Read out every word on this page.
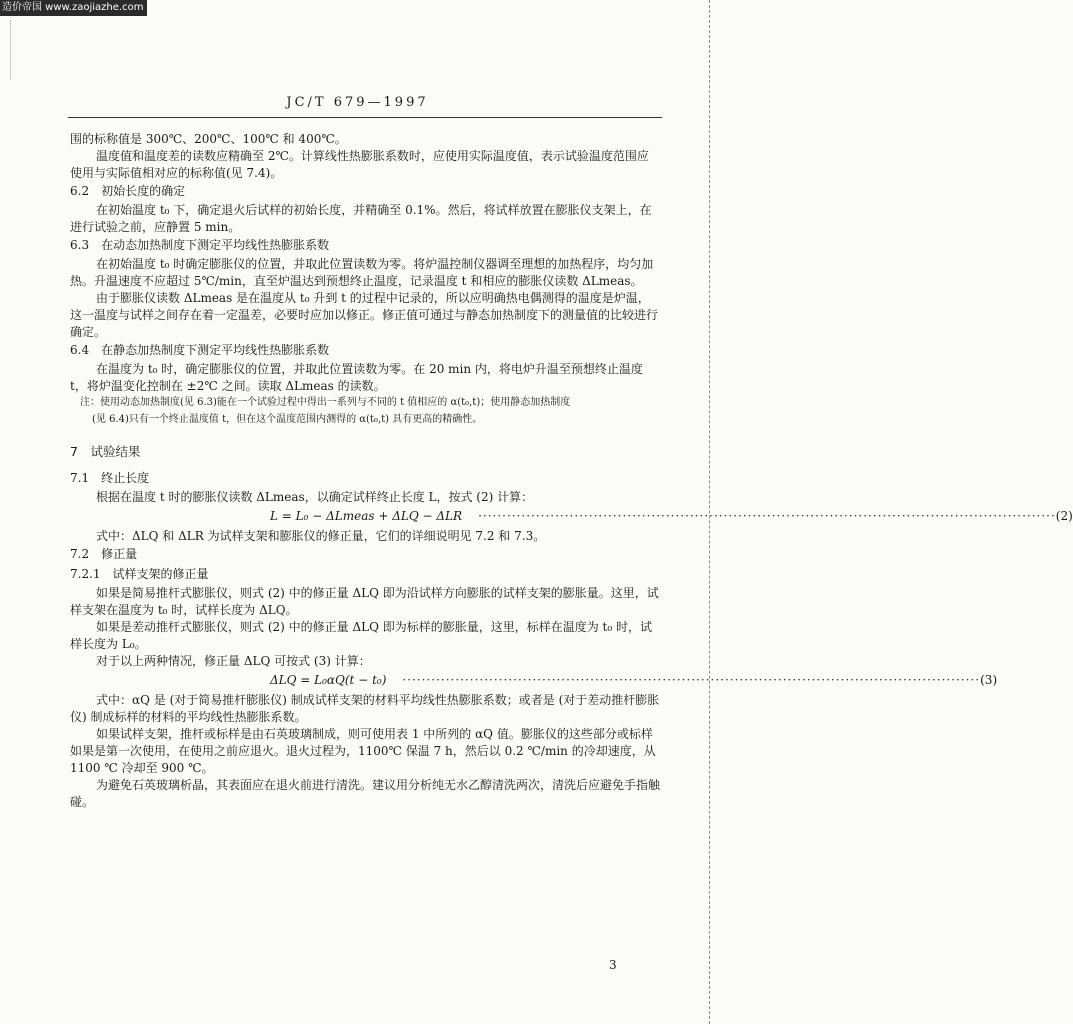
造价帝国 www.zaojiazhe.com
JC/T 679—1997
围的标称值是 300℃、200℃、100℃ 和 400℃。
温度值和温度差的读数应精确至 2℃。计算线性热膨胀系数时，应使用实际温度值，表示试验温度范围应使用与实际值相对应的标称值(见 7.4)。
6.2　初始长度的确定
在初始温度 t₀ 下，确定退火后试样的初始长度，并精确至 0.1%。然后，将试样放置在膨胀仪支架上，在进行试验之前，应静置 5 min。
6.3　在动态加热制度下测定平均线性热膨胀系数
在初始温度 t₀ 时确定膨胀仪的位置，并取此位置读数为零。将炉温控制仪器调至理想的加热程序，均匀加热。升温速度不应超过 5℃/min，直至炉温达到预想终止温度，记录温度 t 和相应的膨胀仪读数 ΔLmeas。
由于膨胀仪读数 ΔLmeas 是在温度从 t₀ 升到 t 的过程中记录的，所以应明确热电偶测得的温度是炉温，这一温度与试样之间存在着一定温差，必要时应加以修正。修正值可通过与静态加热制度下的测量值的比较进行确定。
6.4　在静态加热制度下测定平均线性热膨胀系数
在温度为 t₀ 时，确定膨胀仪的位置，并取此位置读数为零。在 20 min 内，将电炉升温至预想终止温度 t，将炉温变化控制在 ±2℃ 之间。读取 ΔLmeas 的读数。
注：使用动态加热制度(见 6.3)能在一个试验过程中得出一系列与不同的 t 值相应的 α(t₀,t)；使用静态加热制度
(见 6.4)只有一个终止温度值 t，但在这个温度范围内测得的 α(t₀,t) 具有更高的精确性。
7　试验结果
7.1　终止长度
根据在温度 t 时的膨胀仪读数 ΔLmeas，以确定试样终止长度 L，按式 (2) 计算：
L = L₀ − ΔLmeas + ΔLQ − ΔLR ························································································································ (2)
式中：ΔLQ 和 ΔLR 为试样支架和膨胀仪的修正量，它们的详细说明见 7.2 和 7.3。
7.2　修正量
7.2.1　试样支架的修正量
如果是简易推杆式膨胀仪，则式 (2) 中的修正量 ΔLQ 即为沿试样方向膨胀的试样支架的膨胀量。这里，试样支架在温度为 t₀ 时，试样长度为 ΔLQ。
如果是差动推杆式膨胀仪，则式 (2) 中的修正量 ΔLQ 即为标样的膨胀量，这里，标样在温度为 t₀ 时，试样长度为 L₀。
对于以上两种情况，修正量 ΔLQ 可按式 (3) 计算：
ΔLQ = L₀αQ(t − t₀) ························································································································ (3)
式中：αQ 是 (对于简易推杆膨胀仪) 制成试样支架的材料平均线性热膨胀系数；或者是 (对于差动推杆膨胀仪) 制成标样的材料的平均线性热膨胀系数。
如果试样支架，推杆或标样是由石英玻璃制成，则可使用表 1 中所列的 αQ 值。膨胀仪的这些部分或标样如果是第一次使用，在使用之前应退火。退火过程为，1100℃ 保温 7 h，然后以 0.2 ℃/min 的冷却速度，从 1100 ℃ 冷却至 900 ℃。
为避免石英玻璃析晶，其表面应在退火前进行清洗。建议用分析纯无水乙醇清洗两次，清洗后应避免手指触碰。
3
